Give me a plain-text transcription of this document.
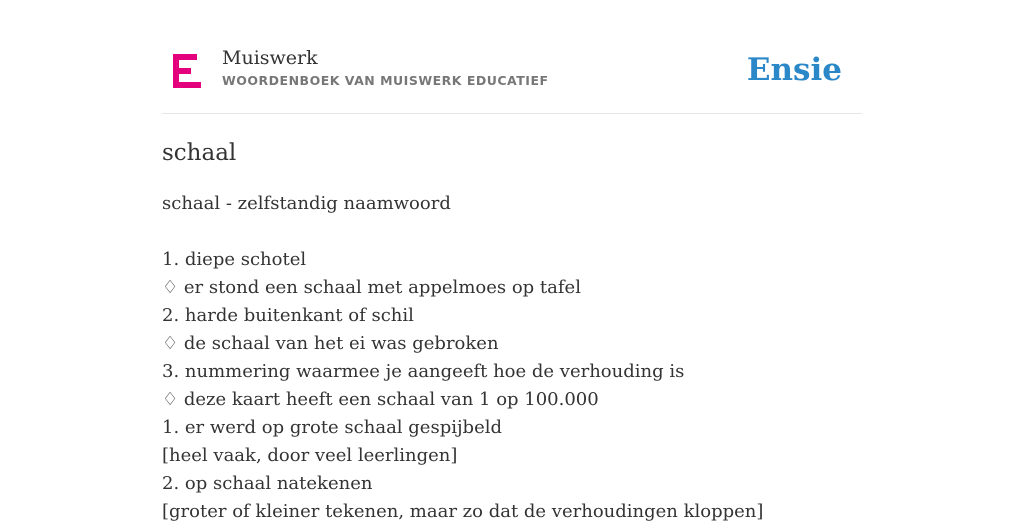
Muiswerk
WOORDENBOEK VAN MUISWERK EDUCATIEF	Ensie
schaal
schaal - zelfstandig naamwoord
1. diepe schotel
♢ er stond een schaal met appelmoes op tafel
2. harde buitenkant of schil
♢ de schaal van het ei was gebroken
3. nummering waarmee je aangeeft hoe de verhouding is
♢ deze kaart heeft een schaal van 1 op 100.000
1. er werd op grote schaal gespijbeld
[heel vaak, door veel leerlingen]
2. op schaal natekenen
[groter of kleiner tekenen, maar zo dat de verhoudingen kloppen]
